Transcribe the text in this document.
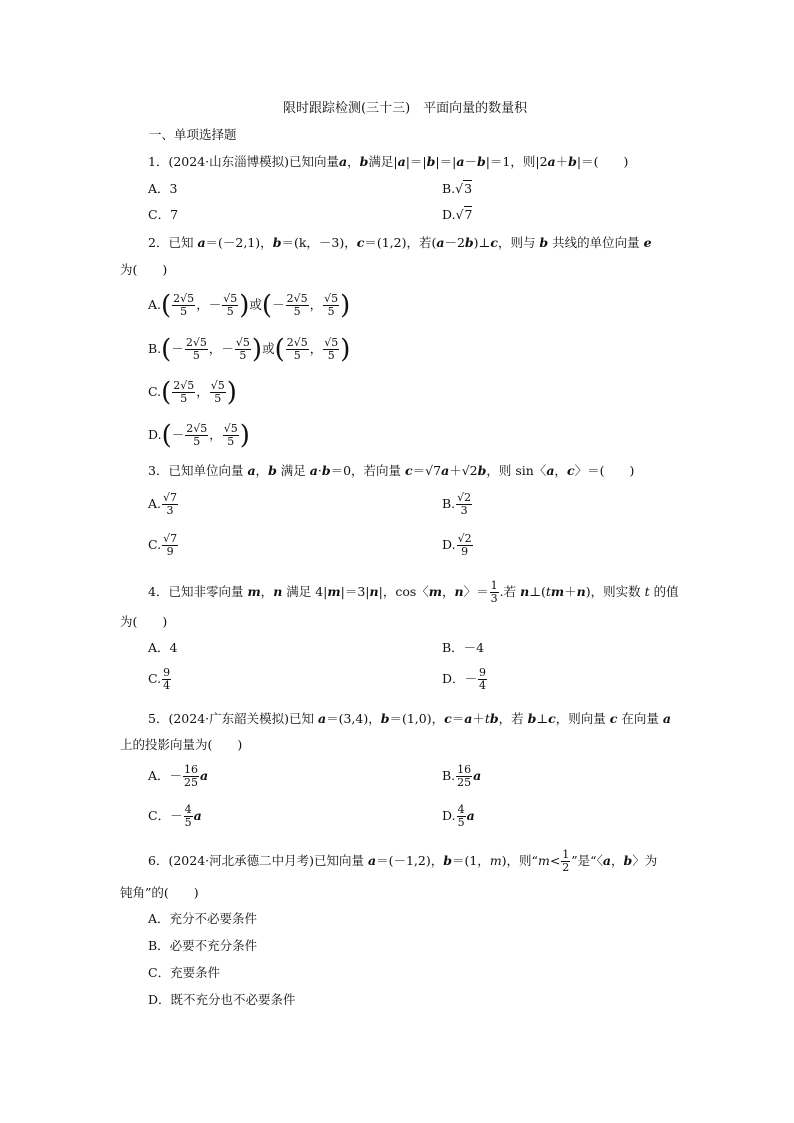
限时跟踪检测(三十三)　平面向量的数量积
一、单项选择题
1．(2024·山东淄博模拟)已知向量a，b满足|a|＝|b|＝|a－b|＝1，则|2a＋b|＝(　　)
A．3	B.√3
C．7	D.√7
2．已知 a＝(－2,1)，b＝(k，－3)，c＝(1,2)，若(a－2b)⊥c，则与 b 共线的单位向量 e
为(　　)
$A.( \frac{2√5}{5}$ ，－ $\frac{√5}{5}$ )或(－ $\frac{2√5}{5}$ ， $\frac{√5}{5}$ )
$B.(- \frac{2√5}{5}$ ，－ $\frac{√5}{5}$ )或( $\frac{2√5}{5}$ ， $\frac{√5}{5}$ )
$C.( \frac{2√5}{5}$ ， $\frac{√5}{5}$ )
$D.(- \frac{2√5}{5}$ ， $\frac{√5}{5}$ )
3．已知单位向量 a，b 满足 a·b＝0，若向量 c＝√7a＋√2b，则 sin〈a，c〉＝(　　)
A. $\frac{√7}{3}$	B. $\frac{√2}{3}$
C. $\frac{√7}{9}$	D. $\frac{√2}{9}$
4．已知非零向量 m，n 满足 4|m|＝3|n|，cos〈m，n〉＝ $\frac{1}{3}$ .若 n⊥(tm＋n)，则实数 t 的值
为(　　)
A．4	B．－4
C. $\frac{9}{4}$	D．－ $\frac{9}{4}$
5．(2024·广东韶关模拟)已知 a＝(3,4)，b＝(1,0)，c＝a＋tb，若 b⊥c，则向量 c 在向量 a
上的投影向量为(　　)
A．－ $\frac{16}{25}$ a	B. $\frac{16}{25}$ a
C．－ $\frac{4}{5}$ a	D. $\frac{4}{5}$ a
6．(2024·河北承德二中月考)已知向量 a＝(－1,2)，b＝(1，m)，则“$m< \frac{1}{2}$ ”是“〈a，b〉为
钝角”的(　　)
A．充分不必要条件
B．必要不充分条件
C．充要条件
D．既不充分也不必要条件
